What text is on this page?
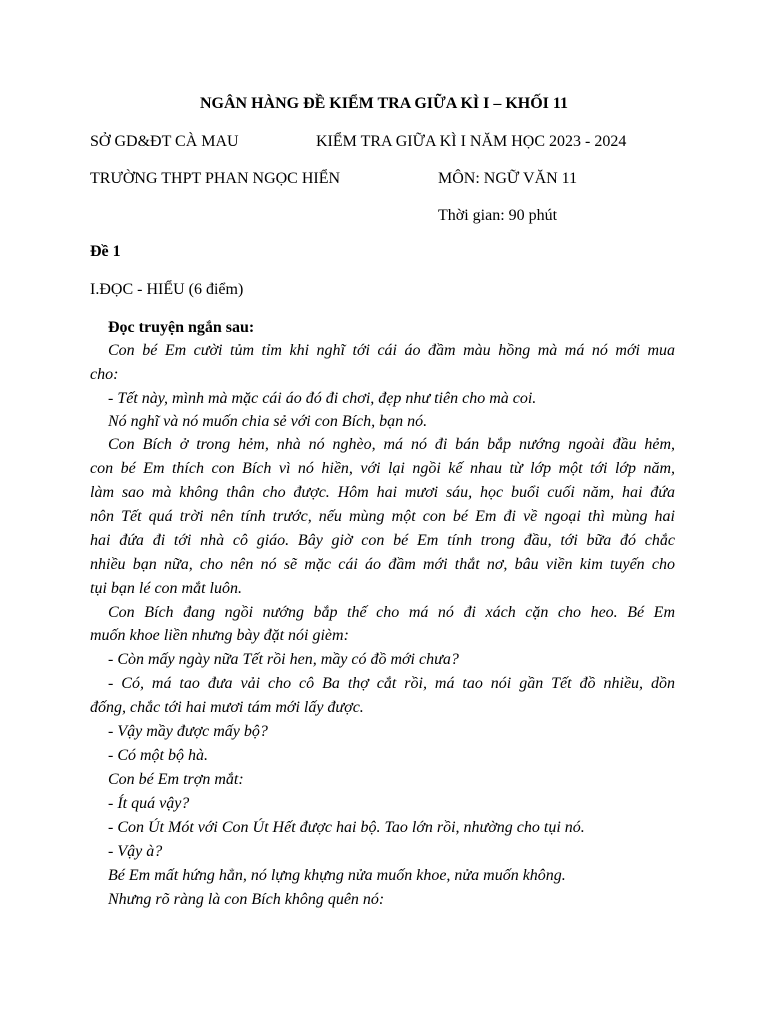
NGÂN HÀNG ĐỀ KIỂM TRA GIỮA KÌ I – KHỐI 11
SỞ GD&ĐT CÀ MAU	KIỂM TRA GIỮA KÌ I NĂM HỌC 2023 - 2024
TRƯỜNG THPT PHAN NGỌC HIỂN	MÔN: NGỮ VĂN 11
Thời gian: 90 phút
Đề 1
I.ĐỌC - HIỂU (6 điểm)
Đọc truyện ngắn sau:
Con bé Em cười tủm tỉm khi nghĩ tới cái áo đầm màu hồng mà má nó mới mua
cho:
- Tết này, mình mà mặc cái áo đó đi chơi, đẹp như tiên cho mà coi.
Nó nghĩ và nó muốn chia sẻ với con Bích, bạn nó.
Con Bích ở trong hẻm, nhà nó nghèo, má nó đi bán bắp nướng ngoài đầu hẻm,
con bé Em thích con Bích vì nó hiền, với lại ngồi kế nhau từ lớp một tới lớp năm,
làm sao mà không thân cho được. Hôm hai mươi sáu, học buổi cuối năm, hai đứa
nôn Tết quá trời nên tính trước, nếu mùng một con bé Em đi về ngoại thì mùng hai
hai đứa đi tới nhà cô giáo. Bây giờ con bé Em tính trong đầu, tới bữa đó chắc
nhiều bạn nữa, cho nên nó sẽ mặc cái áo đầm mới thắt nơ, bâu viền kim tuyến cho
tụi bạn lé con mắt luôn.
Con Bích đang ngồi nướng bắp thế cho má nó đi xách cặn cho heo. Bé Em
muốn khoe liền nhưng bày đặt nói gièm:
- Còn mấy ngày nữa Tết rồi hen, mầy có đồ mới chưa?
- Có, má tao đưa vải cho cô Ba thợ cắt rồi, má tao nói gần Tết đồ nhiều, dồn
đống, chắc tới hai mươi tám mới lấy được.
- Vậy mầy được mấy bộ?
- Có một bộ hà.
Con bé Em trợn mắt:
- Ít quá vậy?
- Con Út Mót với Con Út Hết được hai bộ. Tao lớn rồi, nhường cho tụi nó.
- Vậy à?
Bé Em mất hứng hẳn, nó lựng khựng nửa muốn khoe, nửa muốn không.
Nhưng rõ ràng là con Bích không quên nó:
